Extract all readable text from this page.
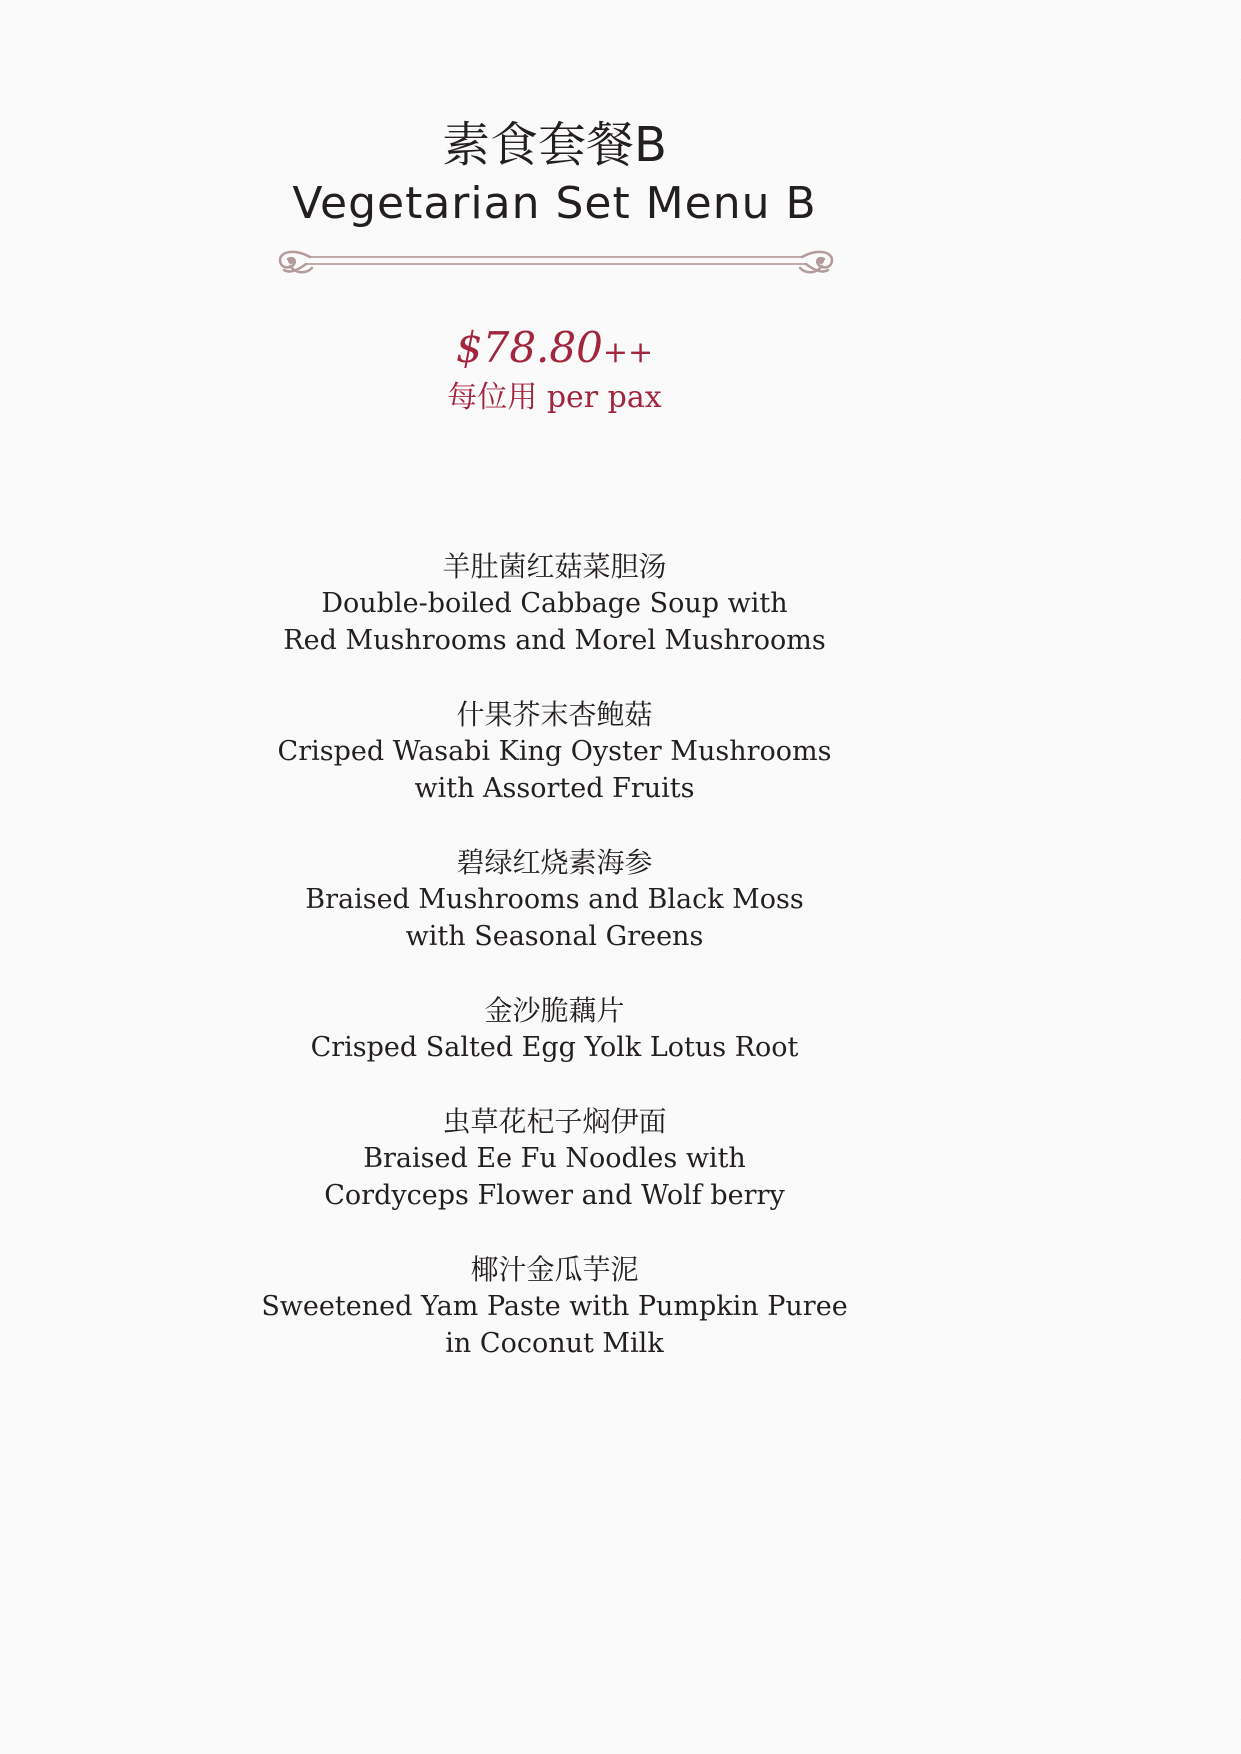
素食套餐B
Vegetarian Set Menu B
$78.80++
每位用 per pax
羊肚菌红菇菜胆汤
Double-boiled Cabbage Soup with
Red Mushrooms and Morel Mushrooms
什果芥末杏鲍菇
Crisped Wasabi King Oyster Mushrooms
with Assorted Fruits
碧绿红烧素海参
Braised Mushrooms and Black Moss
with Seasonal Greens
金沙脆藕片
Crisped Salted Egg Yolk Lotus Root
虫草花杞子焖伊面
Braised Ee Fu Noodles with
Cordyceps Flower and Wolf berry
椰汁金瓜芋泥
Sweetened Yam Paste with Pumpkin Puree
in Coconut Milk
